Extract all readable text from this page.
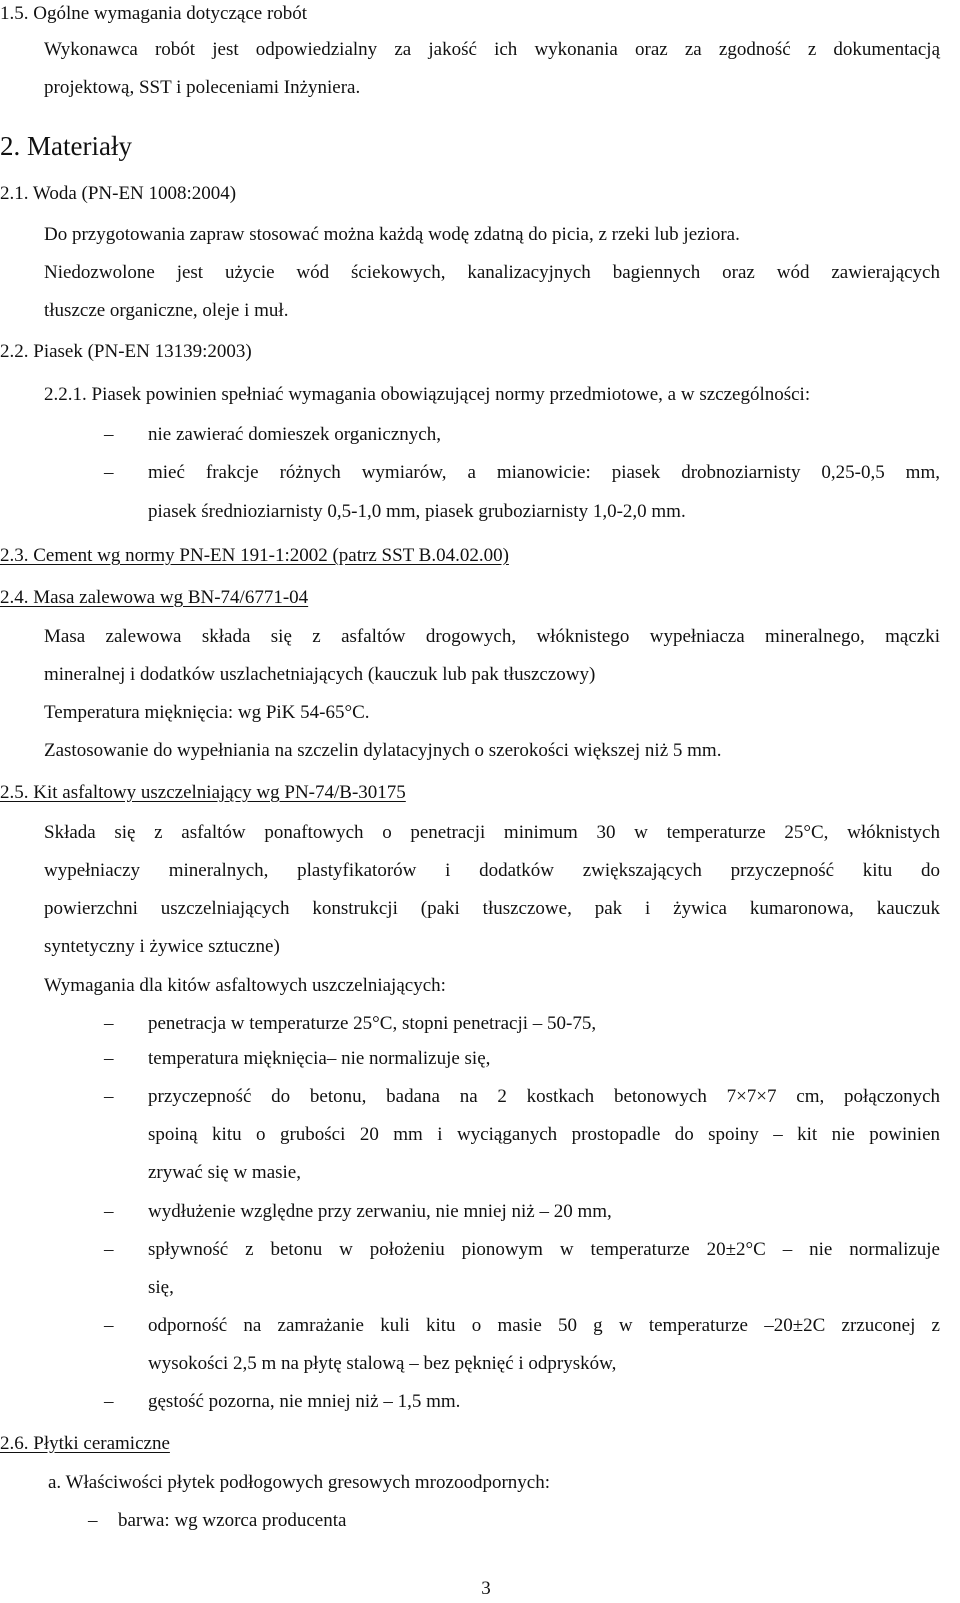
1.5. Ogólne wymagania dotyczące robót
Wykonawca robót jest odpowiedzialny za jakość ich wykonania oraz za zgodność z dokumentacją
projektową, SST i poleceniami Inżyniera.
2. Materiały
2.1. Woda (PN-EN 1008:2004)
Do przygotowania zapraw stosować można każdą wodę zdatną do picia, z rzeki lub jeziora.
Niedozwolone jest użycie wód ściekowych, kanalizacyjnych bagiennych oraz wód zawierających
tłuszcze organiczne, oleje i muł.
2.2. Piasek (PN-EN 13139:2003)
2.2.1. Piasek powinien spełniać wymagania obowiązującej normy przedmiotowe, a w szczególności:
– nie zawierać domieszek organicznych,
– mieć frakcje różnych wymiarów, a mianowicie: piasek drobnoziarnisty 0,25-0,5 mm,
piasek średnioziarnisty 0,5-1,0 mm, piasek gruboziarnisty 1,0-2,0 mm.
2.3. Cement wg normy PN-EN 191-1:2002 (patrz SST B.04.02.00)
2.4. Masa zalewowa wg BN-74/6771-04
Masa zalewowa składa się z asfaltów drogowych, włóknistego wypełniacza mineralnego, mączki
mineralnej i dodatków uszlachetniających (kauczuk lub pak tłuszczowy)
Temperatura mięknięcia: wg PiK 54-65°C.
Zastosowanie do wypełniania na szczelin dylatacyjnych o szerokości większej niż 5 mm.
2.5. Kit asfaltowy uszczelniający wg PN-74/B-30175
Składa się z asfaltów ponaftowych o penetracji minimum 30 w temperaturze 25°C, włóknistych
wypełniaczy mineralnych, plastyfikatorów i dodatków zwiększających przyczepność kitu do
powierzchni uszczelniających konstrukcji (paki tłuszczowe, pak i żywica kumaronowa, kauczuk
syntetyczny i żywice sztuczne)
Wymagania dla kitów asfaltowych uszczelniających:
– penetracja w temperaturze 25°C, stopni penetracji – 50-75,
– temperatura mięknięcia– nie normalizuje się,
– przyczepność do betonu, badana na 2 kostkach betonowych 7×7×7 cm, połączonych
spoiną kitu o grubości 20 mm i wyciąganych prostopadle do spoiny – kit nie powinien
zrywać się w masie,
– wydłużenie względne przy zerwaniu, nie mniej niż – 20 mm,
– spływność z betonu w położeniu pionowym w temperaturze 20±2°C – nie normalizuje
się,
– odporność na zamrażanie kuli kitu o masie 50 g w temperaturze –20±2C zrzuconej z
wysokości 2,5 m na płytę stalową – bez pęknięć i odprysków,
– gęstość pozorna, nie mniej niż – 1,5 mm.
2.6. Płytki ceramiczne
a. Właściwości płytek podłogowych gresowych mrozoodpornych:
– barwa: wg wzorca producenta
3
